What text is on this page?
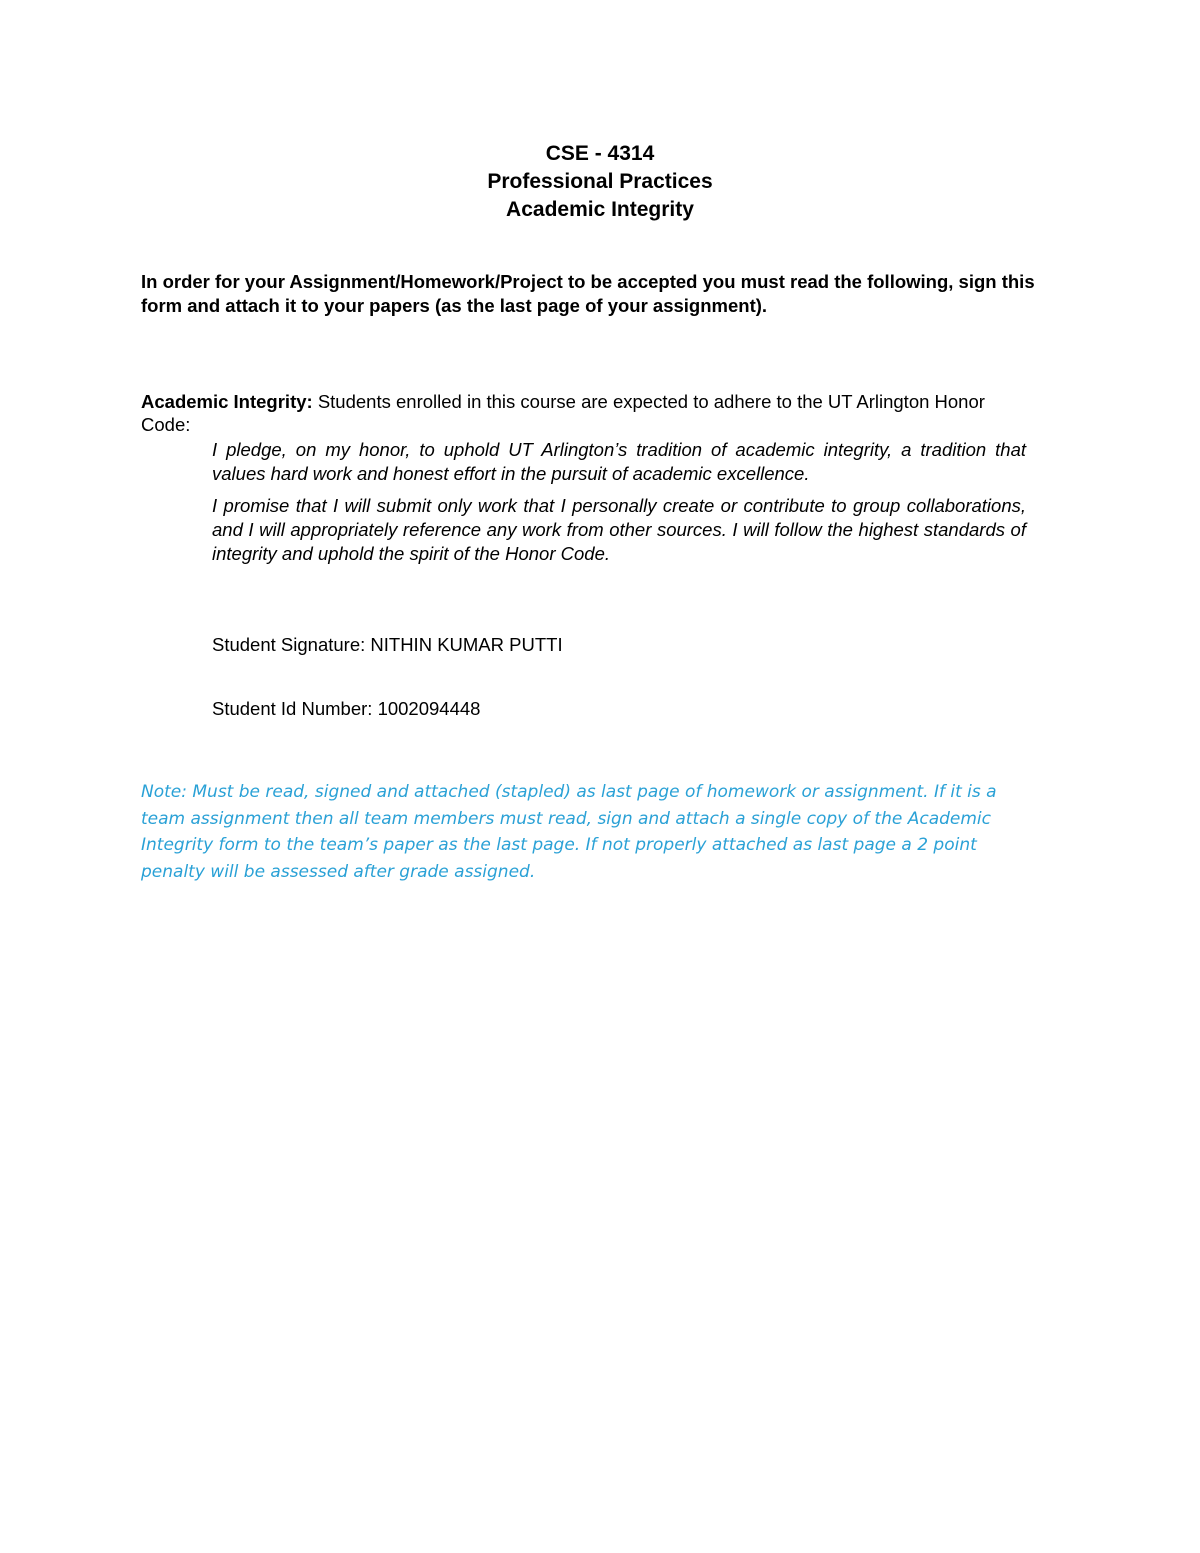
CSE - 4314
Professional Practices
Academic Integrity
In order for your Assignment/Homework/Project to be accepted you must read the following, sign this form and attach it to your papers (as the last page of your assignment).
Academic Integrity: Students enrolled in this course are expected to adhere to the UT Arlington Honor Code:

I pledge, on my honor, to uphold UT Arlington’s tradition of academic integrity, a tradition that values hard work and honest effort in the pursuit of academic excellence.

I promise that I will submit only work that I personally create or contribute to group collaborations, and I will appropriately reference any work from other sources. I will follow the highest standards of integrity and uphold the spirit of the Honor Code.

Student Signature: NITHIN KUMAR PUTTI
Student Id Number: 1002094448
Note: Must be read, signed and attached (stapled) as last page of homework or assignment. If it is a team assignment then all team members must read, sign and attach a single copy of the Academic Integrity form to the team’s paper as the last page. If not properly attached as last page a 2 point penalty will be assessed after grade assigned.
